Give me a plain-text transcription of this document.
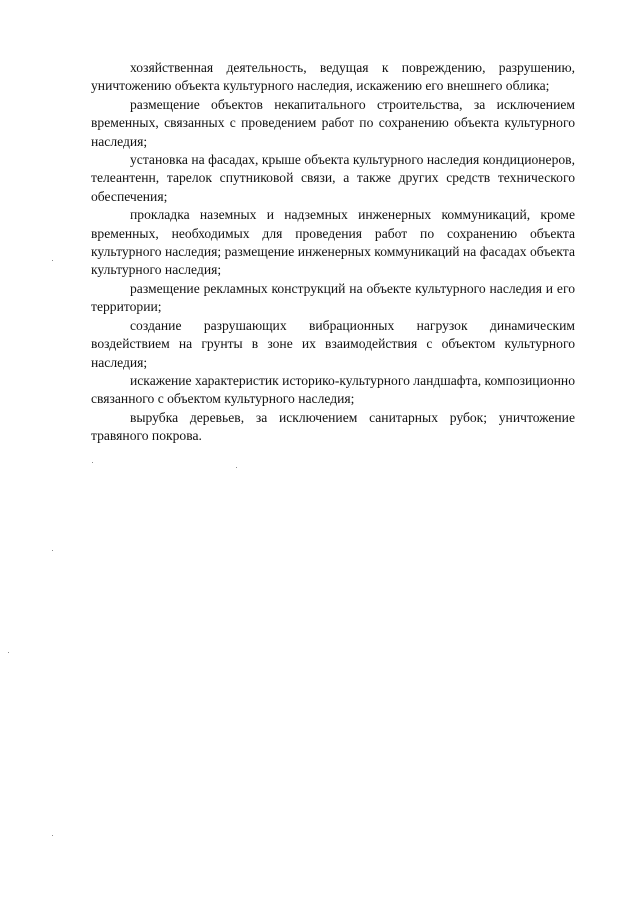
хозяйственная деятельность, ведущая к повреждению, разрушению, уничтожению объекта культурного наследия, искажению его внешнего облика;

размещение объектов некапитального строительства, за исключением временных, связанных с проведением работ по сохранению объекта культурного наследия;

установка на фасадах, крыше объекта культурного наследия кондиционеров, телеантенн, тарелок спутниковой связи, а также других средств технического обеспечения;

прокладка наземных и надземных инженерных коммуникаций, кроме временных, необходимых для проведения работ по сохранению объекта культурного наследия; размещение инженерных коммуникаций на фасадах объекта культурного наследия;

размещение рекламных конструкций на объекте культурного наследия и его территории;

создание разрушающих вибрационных нагрузок динамическим воздействием на грунты в зоне их взаимодействия с объектом культурного наследия;

искажение характеристик историко-культурного ландшафта, композиционно связанного с объектом культурного наследия;

вырубка деревьев, за исключением санитарных рубок; уничтожение травяного покрова.
